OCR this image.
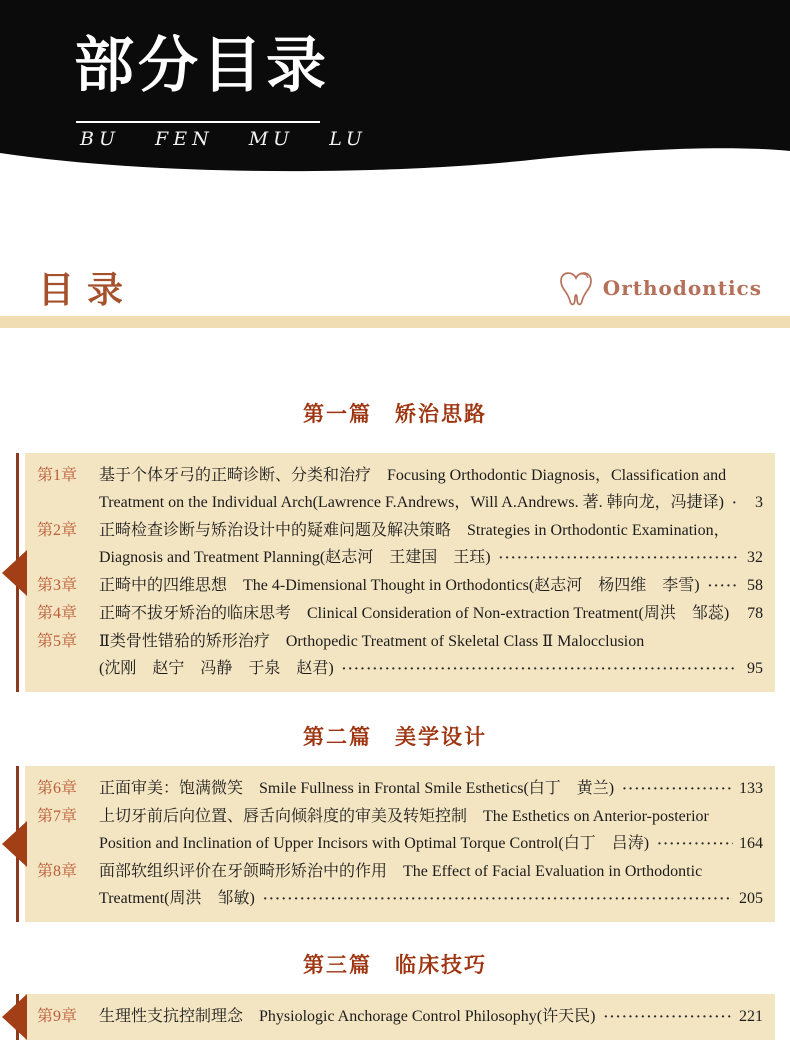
部分目录
BU FEN MU LU
目 录	Orthodontics
第一篇　矫治思路
第1章	基于个体牙弓的正畸诊断、分类和治疗　Focusing Orthodontic Diagnosis，Classification and
Treatment on the Individual Arch(Lawrence F.Andrews，Will A.Andrews. 著. 韩向龙，冯捷译) ·····	3
第2章	正畸检查诊断与矫治设计中的疑难问题及解决策略　Strategies in Orthodontic Examination，
Diagnosis and Treatment Planning(赵志河　王建国　王珏) ·····	32
第3章	正畸中的四维思想　The 4-Dimensional Thought in Orthodontics(赵志河　杨四维　李雪) ·····	58
第4章	正畸不拔牙矫治的临床思考　Clinical Consideration of Non-extraction Treatment(周洪　邹蕊) 78
第5章	Ⅱ类骨性错𬌗的矫形治疗　Orthopedic Treatment of Skeletal Class Ⅱ Malocclusion
(沈刚　赵宁　冯静　于泉　赵君) ·····	95
第二篇　美学设计
第6章	正面审美：饱满微笑　Smile Fullness in Frontal Smile Esthetics(白丁　黄兰) ·····	133
第7章	上切牙前后向位置、唇舌向倾斜度的审美及转矩控制　The Esthetics on Anterior-posterior
Position and Inclination of Upper Incisors with Optimal Torque Control(白丁　吕涛) ·····	164
第8章	面部软组织评价在牙颌畸形矫治中的作用　The Effect of Facial Evaluation in Orthodontic
Treatment(周洪　邹敏) ·····	205
第三篇　临床技巧
第9章	生理性支抗控制理念　Physiologic Anchorage Control Philosophy(许天民) ·····	221
